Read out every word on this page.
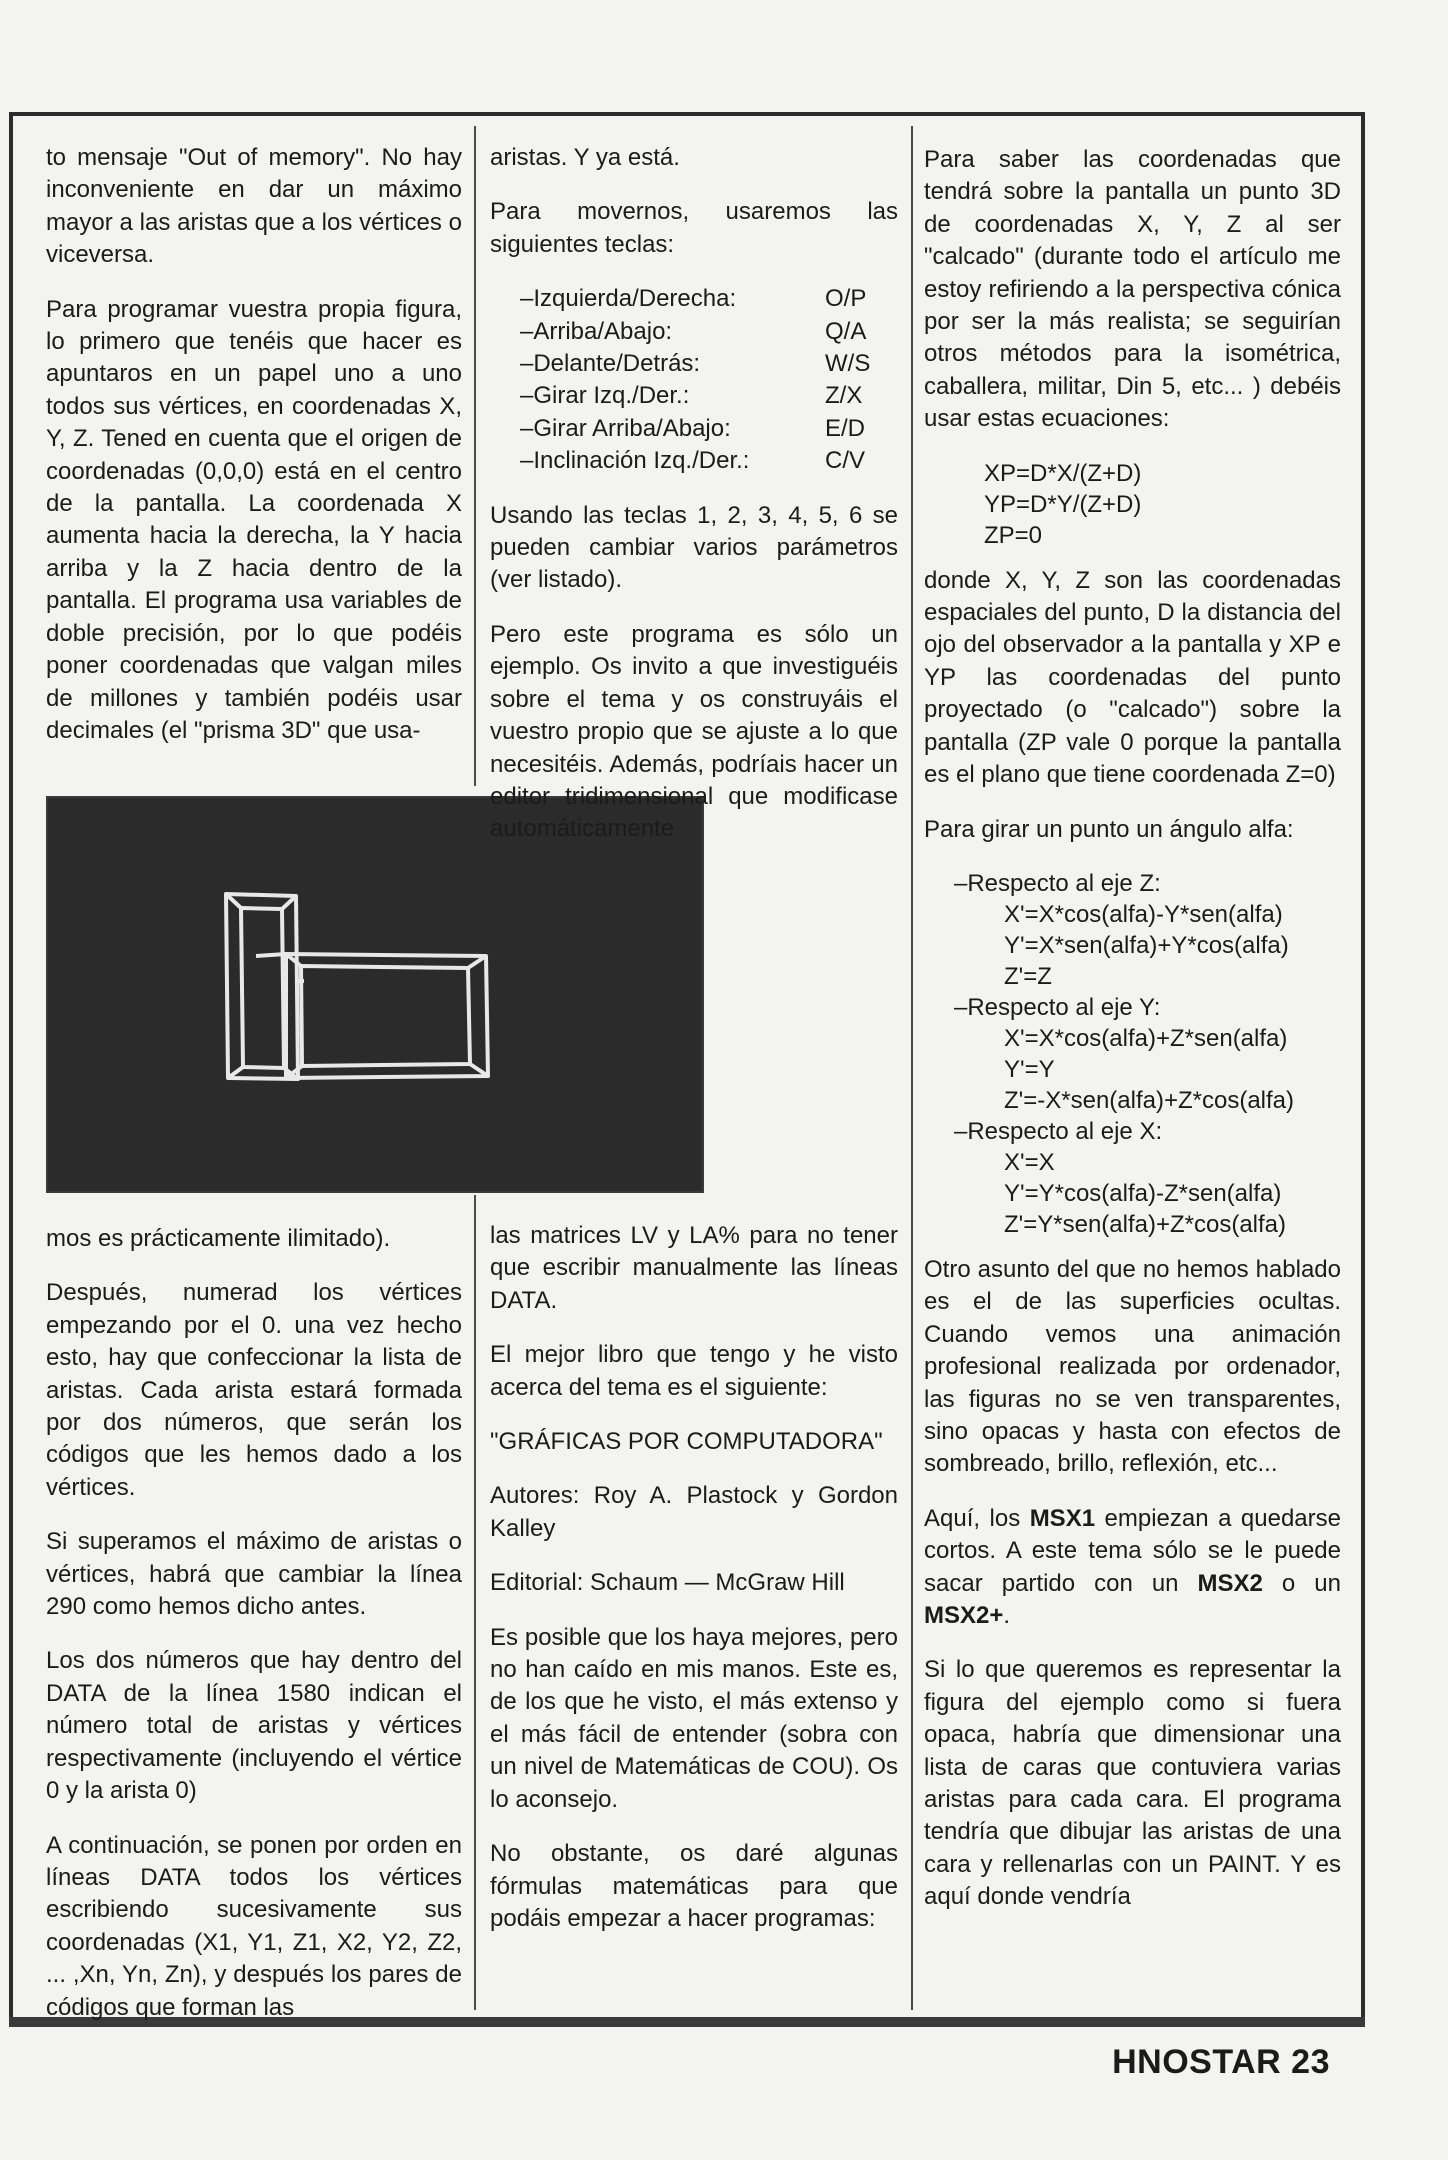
to mensaje "Out of memory". No hay inconveniente en dar un máximo mayor a las aristas que a los vértices o viceversa.

Para programar vuestra propia figura, lo primero que tenéis que hacer es apuntaros en un papel uno a uno todos sus vértices, en coordenadas X, Y, Z. Tened en cuenta que el origen de coordenadas (0,0,0) está en el centro de la pantalla. La coordenada X aumenta hacia la derecha, la Y hacia arriba y la Z hacia dentro de la pantalla. El programa usa variables de doble precisión, por lo que podéis poner coordenadas que valgan miles de millones y también podéis usar decimales (el "prisma 3D" que usa-

mos es prácticamente ilimitado).

Después, numerad los vértices empezando por el 0. una vez hecho esto, hay que confeccionar la lista de aristas. Cada arista estará formada por dos números, que serán los códigos que les hemos dado a los vértices.

Si superamos el máximo de aristas o vértices, habrá que cambiar la línea 290 como hemos dicho antes.

Los dos números que hay dentro del DATA de la línea 1580 indican el número total de aristas y vértices respectivamente (incluyendo el vértice 0 y la arista 0)

A continuación, se ponen por orden en líneas DATA todos los vértices escribiendo sucesivamente sus coordenadas (X1, Y1, Z1, X2, Y2, Z2, ... ,Xn, Yn, Zn), y después los pares de códigos que forman las

aristas. Y ya está.

Para movernos, usaremos las siguientes teclas:

–Izquierda/Derecha:	O/P
–Arriba/Abajo:	Q/A
–Delante/Detrás:	W/S
–Girar Izq./Der.:	Z/X
–Girar Arriba/Abajo:	E/D
–Inclinación Izq./Der.:	C/V

Usando las teclas 1, 2, 3, 4, 5, 6 se pueden cambiar varios parámetros (ver listado).

Pero este programa es sólo un ejemplo. Os invito a que investiguéis sobre el tema y os construyáis el vuestro propio que se ajuste a lo que necesitéis. Además, podríais hacer un editor tridimensional que modificase automáticamente

las matrices LV y LA% para no tener que escribir manualmente las líneas DATA.

El mejor libro que tengo y he visto acerca del tema es el siguiente:

"GRÁFICAS POR COMPUTADORA"

Autores: Roy A. Plastock y Gordon Kalley

Editorial: Schaum — McGraw Hill

Es posible que los haya mejores, pero no han caído en mis manos. Este es, de los que he visto, el más extenso y el más fácil de entender (sobra con un nivel de Matemáticas de COU). Os lo aconsejo.

No obstante, os daré algunas fórmulas matemáticas para que podáis empezar a hacer programas:

Para saber las coordenadas que tendrá sobre la pantalla un punto 3D de coordenadas X, Y, Z al ser "calcado" (durante todo el artículo me estoy refiriendo a la perspectiva cónica por ser la más realista; se seguirían otros métodos para la isométrica, caballera, militar, Din 5, etc... ) debéis usar estas ecuaciones:

XP=D*X/(Z+D)
YP=D*Y/(Z+D)
ZP=0

donde X, Y, Z son las coordenadas espaciales del punto, D la distancia del ojo del observador a la pantalla y XP e YP las coordenadas del punto proyectado (o "calcado") sobre la pantalla (ZP vale 0 porque la pantalla es el plano que tiene coordenada Z=0)

Para girar un punto un ángulo alfa:

–Respecto al eje Z:
X'=X*cos(alfa)-Y*sen(alfa)
Y'=X*sen(alfa)+Y*cos(alfa)
Z'=Z
–Respecto al eje Y:
X'=X*cos(alfa)+Z*sen(alfa)
Y'=Y
Z'=-X*sen(alfa)+Z*cos(alfa)
–Respecto al eje X:
X'=X
Y'=Y*cos(alfa)-Z*sen(alfa)
Z'=Y*sen(alfa)+Z*cos(alfa)

Otro asunto del que no hemos hablado es el de las superficies ocultas. Cuando vemos una animación profesional realizada por ordenador, las figuras no se ven transparentes, sino opacas y hasta con efectos de sombreado, brillo, reflexión, etc...

Aquí, los MSX1 empiezan a quedarse cortos. A este tema sólo se le puede sacar partido con un MSX2 o un MSX2+.

Si lo que queremos es representar la figura del ejemplo como si fuera opaca, habría que dimensionar una lista de caras que contuviera varias aristas para cada cara. El programa tendría que dibujar las aristas de una cara y rellenarlas con un PAINT. Y es aquí donde vendría

HNOSTAR 23
